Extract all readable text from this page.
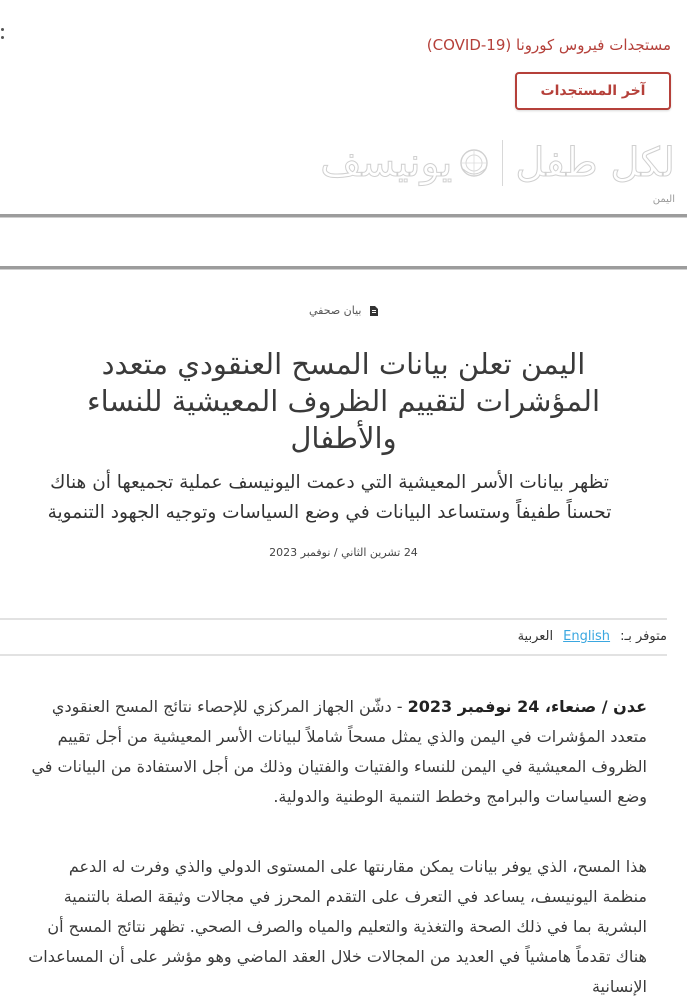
مستجدات فيروس كورونا (COVID-19)
آخر المستجدات
لكل طفل
يونيسف
اليمن
بيان صحفي
اليمن تعلن بيانات المسح العنقودي متعدد المؤشرات لتقييم الظروف المعيشية للنساء والأطفال
تظهر بيانات الأسر المعيشية التي دعمت اليونيسف عملية تجميعها أن هناك
تحسناً طفيفاً وستساعد البيانات في وضع السياسات وتوجيه الجهود التنموية
24 تشرين الثاني / نوفمبر 2023
متوفر بـ:
English
العربية

عدن / صنعاء، 24 نوفمبر 2023 - دشّن الجهاز المركزي للإحصاء نتائج المسح العنقودي متعدد المؤشرات في اليمن والذي يمثل مسحاً شاملاً لبيانات الأسر المعيشية من أجل تقييم الظروف المعيشية في اليمن للنساء والفتيات والفتيان وذلك من أجل الاستفادة من البيانات في وضع السياسات والبرامج وخطط التنمية الوطنية والدولية.

هذا المسح، الذي يوفر بيانات يمكن مقارنتها على المستوى الدولي والذي وفرت له الدعم منظمة اليونيسف، يساعد في التعرف على التقدم المحرز في مجالات وثيقة الصلة بالتنمية البشرية بما في ذلك الصحة والتغذية والتعليم والمياه والصرف الصحي. تظهر نتائج المسح أن هناك تقدماً هامشياً في العديد من المجالات خلال العقد الماضي وهو مؤشر على أن المساعدات الإنسانية
